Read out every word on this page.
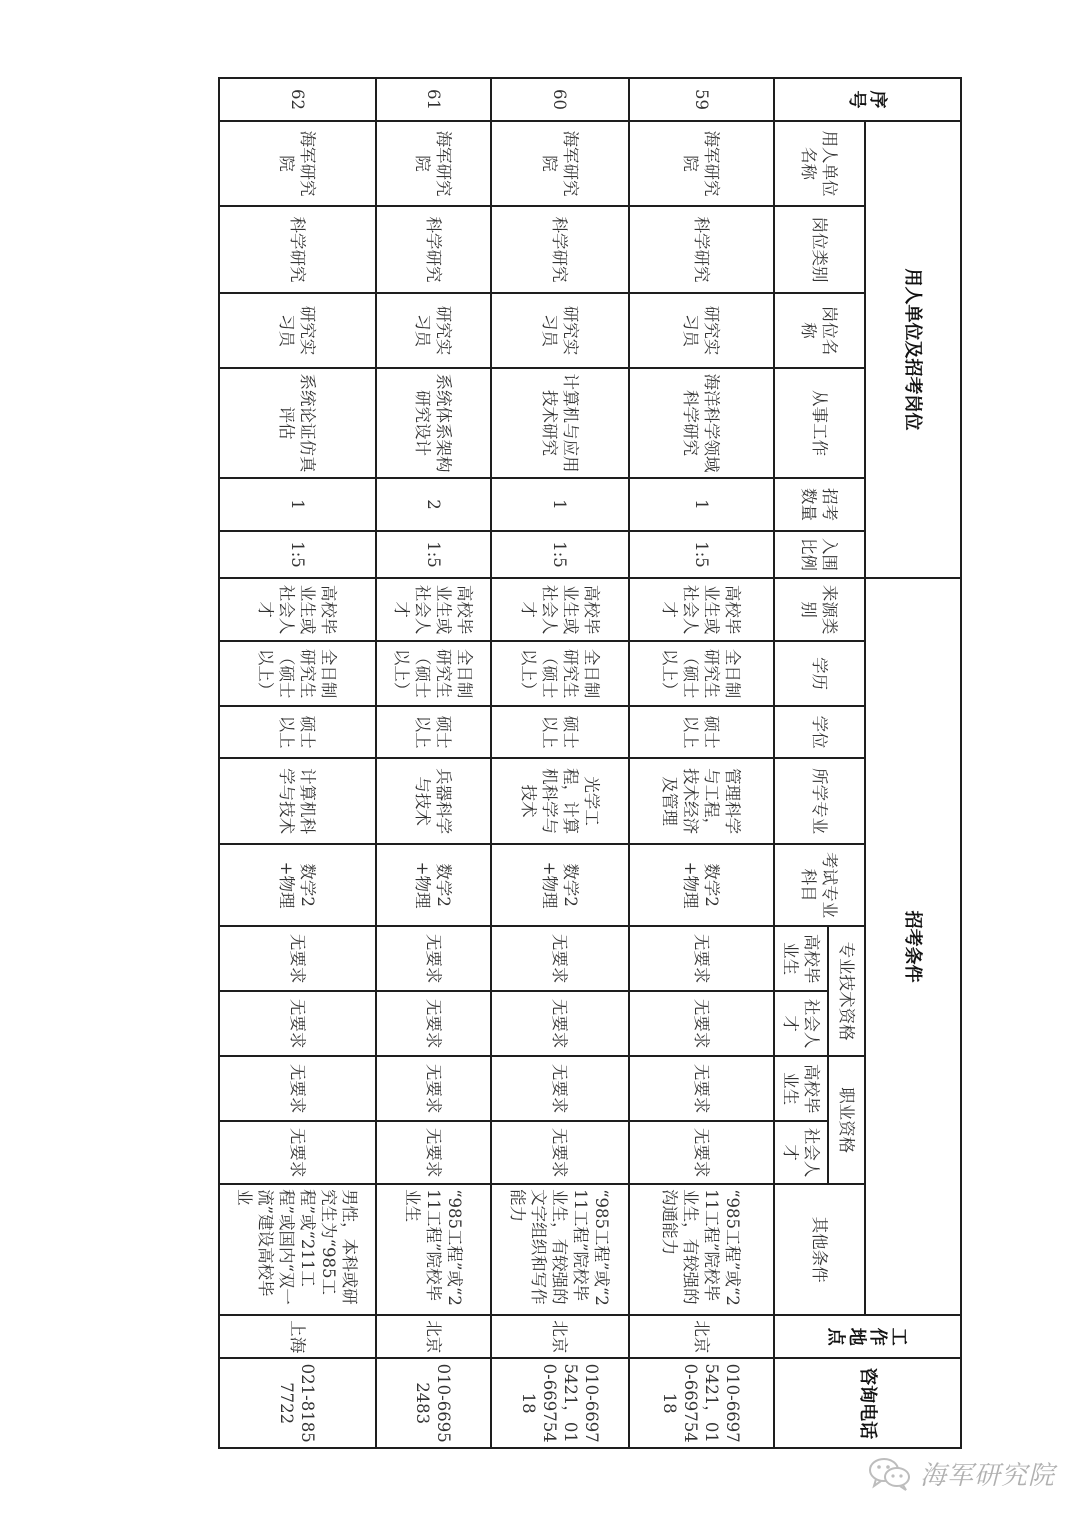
序号	用人单位及招考岗位						招考条件										工作地点	咨询电话
	用人单位名称	岗位类别	岗位名称	从事工作	招考数量	入围比例	来源类别	学历	学位	所学专业	考试专业科目	专业技术资格		职业资格		其他条件		
												高校毕业生	社会人才	高校毕业生	社会人才			
59	海军研究院	科学研究	研究实习员	海洋科学领域科学研究	1	1:5	高校毕业生或社会人才	全日制研究生（硕士以上）	硕士以上	管理科学与工程，技术经济及管理	数学2+物理	无要求	无要求	无要求	无要求	“985工程”或“211工程”院校毕业生，有较强的沟通能力	北京	010-66975421，010-66975418
60	海军研究院	科学研究	研究实习员	计算机与应用技术研究	1	1:5	高校毕业生或社会人才	全日制研究生（硕士以上）	硕士以上	光学工程，计算机科学与技术	数学2+物理	无要求	无要求	无要求	无要求	“985工程”或“211工程”院校毕业生，有较强的文字组织和写作能力	北京	010-66975421，010-66975418
61	海军研究院	科学研究	研究实习员	系统体系架构研究设计	2	1:5	高校毕业生或社会人才	全日制研究生（硕士以上）	硕士以上	兵器科学与技术	数学2+物理	无要求	无要求	无要求	无要求	“985工程”或“211工程”院校毕业生	北京	010-66952483
62	海军研究院	科学研究	研究实习员	系统论证仿真评估	1	1:5	高校毕业生或社会人才	全日制研究生（硕士以上）	硕士以上	计算机科学与技术	数学2+物理	无要求	无要求	无要求	无要求	男性，本科或研究生为“985工程”或“211工程”或国内“双一流”建设高校毕业	上海	021-81857722
海军研究院
